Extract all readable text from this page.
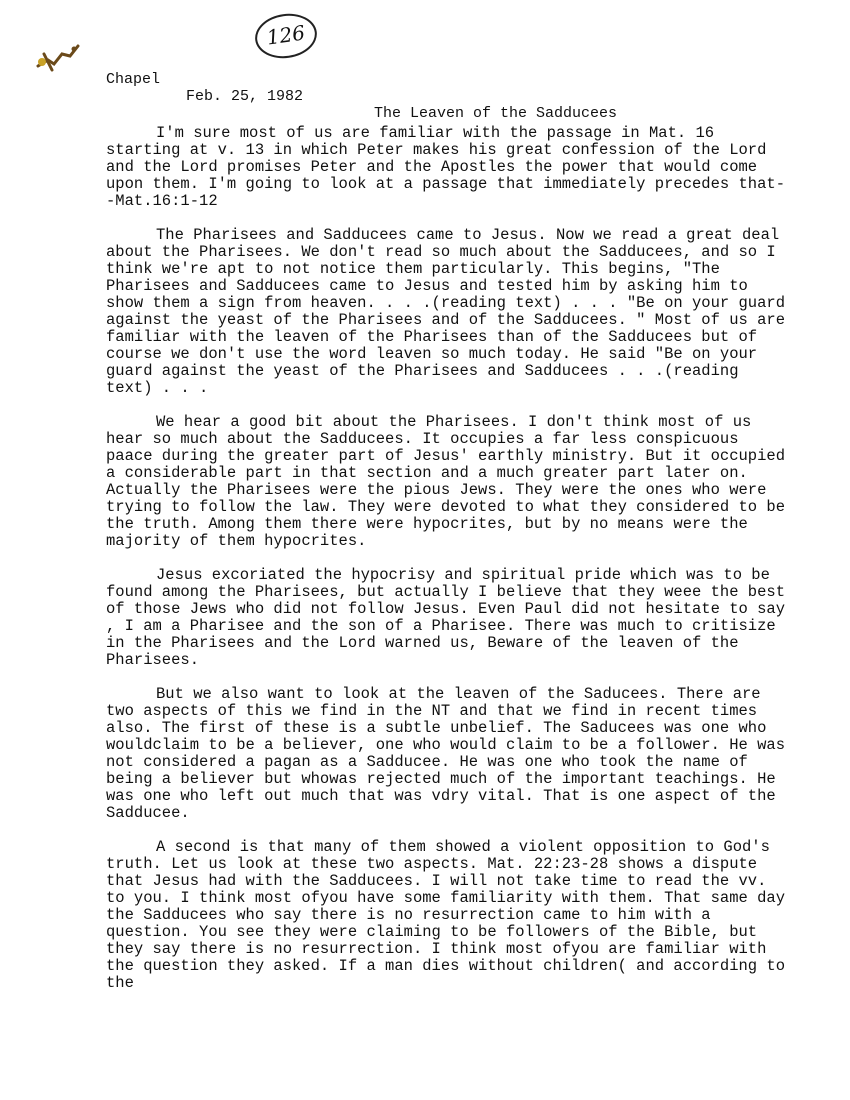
126

Chapel

Feb. 25, 1982

The Leaven of the Sadducees

I'm sure most of us are familiar with the passage in Mat. 16 starting at v. 13 in which Peter makes his great confession of the Lord and the Lord promises Peter and the Apostles the power that would come upon them. I'm going to look at a passage that immediately precedes that--Mat.16:1-12

The Pharisees and Sadducees came to Jesus. Now we read a great deal about the Pharisees. We don't read so much about the Sadducees, and so I think we're apt to not notice them particularly. This begins, "The Pharisees and Sadducees came to Jesus and tested him by asking him to show them a sign from heaven. . . .(reading text) . . . "Be on your guard against the yeast of the Pharisees and of the Sadducees. " Most of us are familiar with the leaven of the Pharisees than of the Sadducees but of course we don't use the word leaven so much today. He said "Be on your guard against the yeast of the Pharisees and Sadducees . . .(reading text) . . .

We hear a good bit about the Pharisees. I don't think most of us hear so much about the Sadducees. It occupies a far less conspicuous paace during the greater part of Jesus' earthly ministry. But it occupied a considerable part in that section and a much greater part later on. Actually the Pharisees were the pious Jews. They were the ones who were trying to follow the law. They were devoted to what they considered to be the truth. Among them there were hypocrites, but by no means were the majority of them hypocrites.

Jesus excoriated the hypocrisy and spiritual pride which was to be found among the Pharisees, but actually I believe that they weee the best of those Jews who did not follow Jesus. Even Paul did not hesitate to say , I am a Pharisee and the son of a Pharisee. There was much to critisize in the Pharisees and the Lord warned us, Beware of the leaven of the Pharisees.

But we also want to look at the leaven of the Saducees. There are two aspects of this we find in the NT and that we find in recent times also. The first of these is a subtle unbelief. The Saducees was one who wouldclaim to be a believer, one who would claim to be a follower. He was not considered a pagan as a Sadducee. He was one who took the name of being a believer but whowas rejected much of the important teachings. He was one who left out much that was vdry vital. That is one aspect of the Sadducee.

A second is that many of them showed a violent opposition to God's truth. Let us look at these two aspects. Mat. 22:23-28 shows a dispute that Jesus had with the Sadducees. I will not take time to read the vv. to you. I think most ofyou have some familiarity with them. That same day the Sadducees who say there is no resurrection came to him with a question. You see they were claiming to be followers of the Bible, but they say there is no resurrection. I think most ofyou are familiar with the question they asked. If a man dies without children( and according to the
